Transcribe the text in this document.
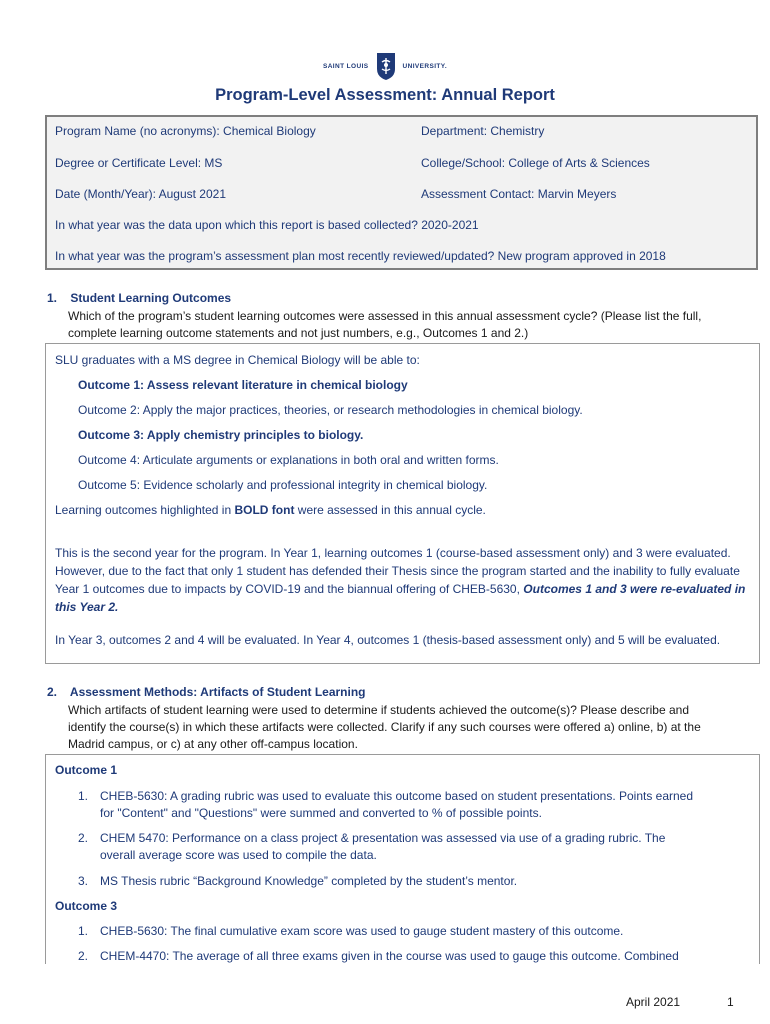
SAINT LOUIS	UNIVERSITY.
Program-Level Assessment: Annual Report
Program Name (no acronyms): Chemical Biology	Department: Chemistry
Degree or Certificate Level: MS	College/School: College of Arts & Sciences
Date (Month/Year): August 2021	Assessment Contact: Marvin Meyers
In what year was the data upon which this report is based collected? 2020-2021
In what year was the program’s assessment plan most recently reviewed/updated? New program approved in 2018
1. Student Learning Outcomes
Which of the program’s student learning outcomes were assessed in this annual assessment cycle? (Please list the full, complete learning outcome statements and not just numbers, e.g., Outcomes 1 and 2.)
SLU graduates with a MS degree in Chemical Biology will be able to:
Outcome 1: Assess relevant literature in chemical biology
Outcome 2: Apply the major practices, theories, or research methodologies in chemical biology.
Outcome 3: Apply chemistry principles to biology.
Outcome 4: Articulate arguments or explanations in both oral and written forms.
Outcome 5: Evidence scholarly and professional integrity in chemical biology.
Learning outcomes highlighted in BOLD font were assessed in this annual cycle.
This is the second year for the program. In Year 1, learning outcomes 1 (course-based assessment only) and 3 were evaluated. However, due to the fact that only 1 student has defended their Thesis since the program started and the inability to fully evaluate Year 1 outcomes due to impacts by COVID-19 and the biannual offering of CHEB-5630, Outcomes 1 and 3 were re-evaluated in this Year 2.
In Year 3, outcomes 2 and 4 will be evaluated. In Year 4, outcomes 1 (thesis-based assessment only) and 5 will be evaluated.
2. Assessment Methods: Artifacts of Student Learning
Which artifacts of student learning were used to determine if students achieved the outcome(s)? Please describe and identify the course(s) in which these artifacts were collected. Clarify if any such courses were offered a) online, b) at the Madrid campus, or c) at any other off-campus location.
Outcome 1
1. CHEB-5630: A grading rubric was used to evaluate this outcome based on student presentations. Points earned for "Content" and "Questions" were summed and converted to % of possible points.
2. CHEM 5470: Performance on a class project & presentation was assessed via use of a grading rubric. The overall average score was used to compile the data.
3. MS Thesis rubric “Background Knowledge” completed by the student’s mentor.
Outcome 3
1. CHEB-5630: The final cumulative exam score was used to gauge student mastery of this outcome.
2. CHEM-4470: The average of all three exams given in the course was used to gauge this outcome. Combined
April 2021	1
